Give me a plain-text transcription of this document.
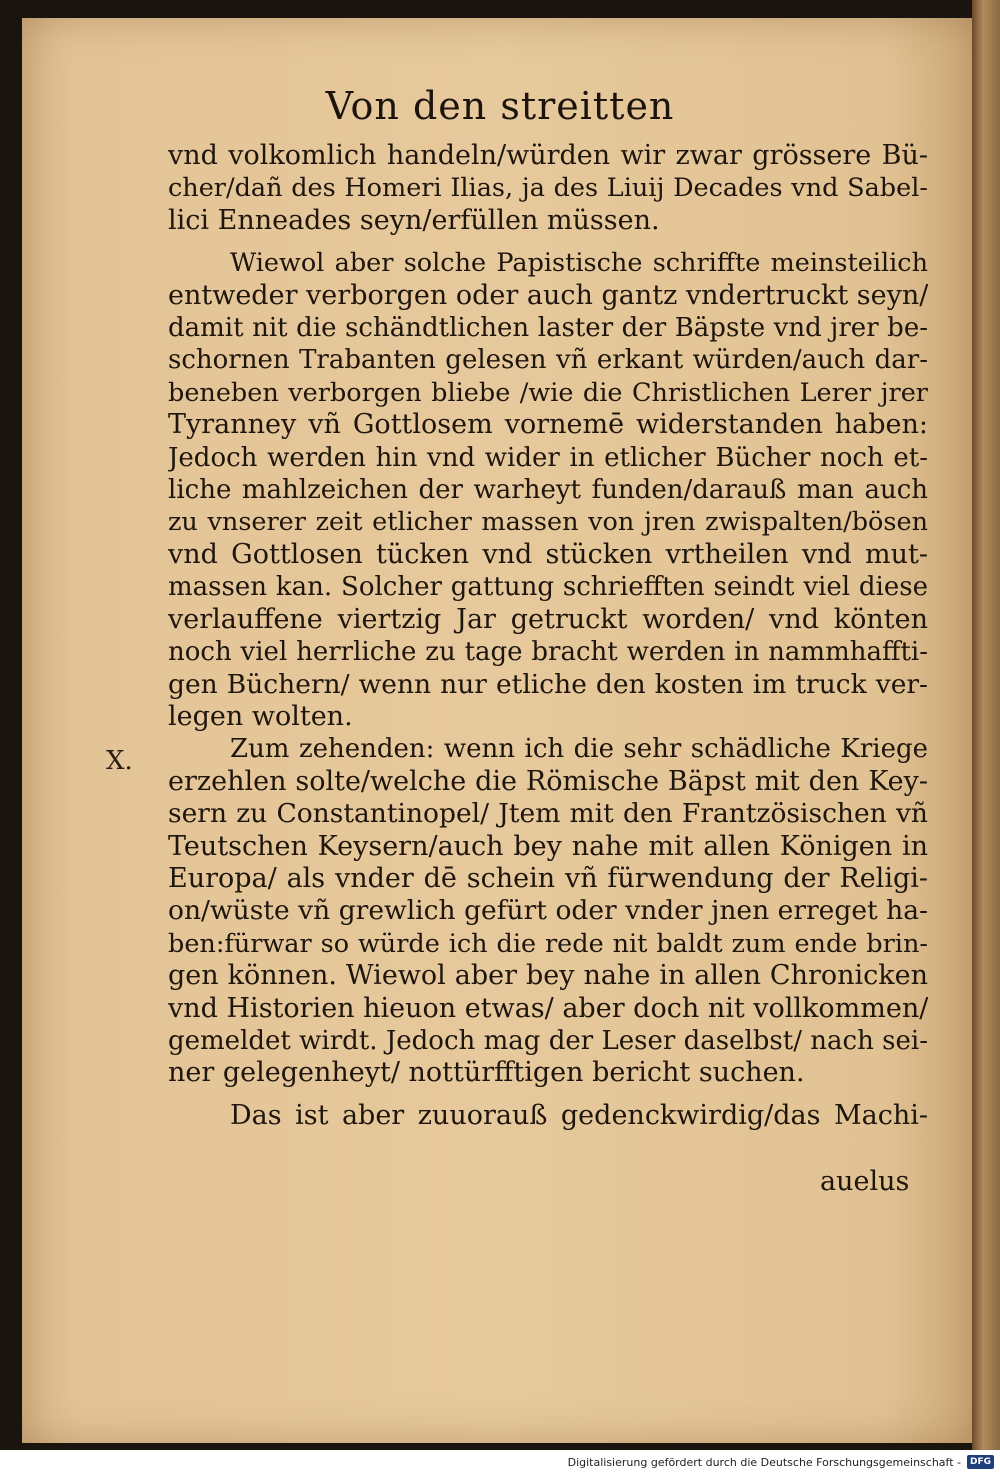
Von den streitten
X.
vnd volkomlich handeln/würden wir zwar grössere Bü-
cher/dañ des Homeri Ilias, ja des Liuij Decades vnd Sabel-
lici Enneades seyn/erfüllen müssen.
Wiewol aber solche Papistische schriffte meinsteilich
entweder verborgen oder auch gantz vndertruckt seyn/
damit nit die schändtlichen laster der Bäpste vnd jrer be-
schornen Trabanten gelesen vñ erkant würden/auch dar-
beneben verborgen bliebe /wie die Christlichen Lerer jrer
Tyranney vñ Gottlosem vornemē widerstanden haben:
Jedoch werden hin vnd wider in etlicher Bücher noch et-
liche mahlzeichen der warheyt funden/darauß man auch
zu vnserer zeit etlicher massen von jren zwispalten/bösen
vnd Gottlosen tücken vnd stücken vrtheilen vnd mut-
massen kan. Solcher gattung schriefften seindt viel diese
verlauffene viertzig Jar getruckt worden/ vnd könten
noch viel herrliche zu tage bracht werden in nammhaffti-
gen Büchern/ wenn nur etliche den kosten im truck ver-
legen wolten.
Zum zehenden: wenn ich die sehr schädliche Kriege
erzehlen solte/welche die Römische Bäpst mit den Key-
sern zu Constantinopel/ Jtem mit den Frantzösischen vñ
Teutschen Keysern/auch bey nahe mit allen Königen in
Europa/ als vnder dē schein vñ fürwendung der Religi-
on/wüste vñ grewlich gefürt oder vnder jnen erreget ha-
ben:fürwar so würde ich die rede nit baldt zum ende brin-
gen können. Wiewol aber bey nahe in allen Chronicken
vnd Historien hieuon etwas/ aber doch nit vollkommen/
gemeldet wirdt. Jedoch mag der Leser daselbst/ nach sei-
ner gelegenheyt/ nottürfftigen bericht suchen.
Das ist aber zuuorauß gedenckwirdig/das Machi-
auelus
Digitalisierung gefördert durch die Deutsche Forschungsgemeinschaft -	DFG
